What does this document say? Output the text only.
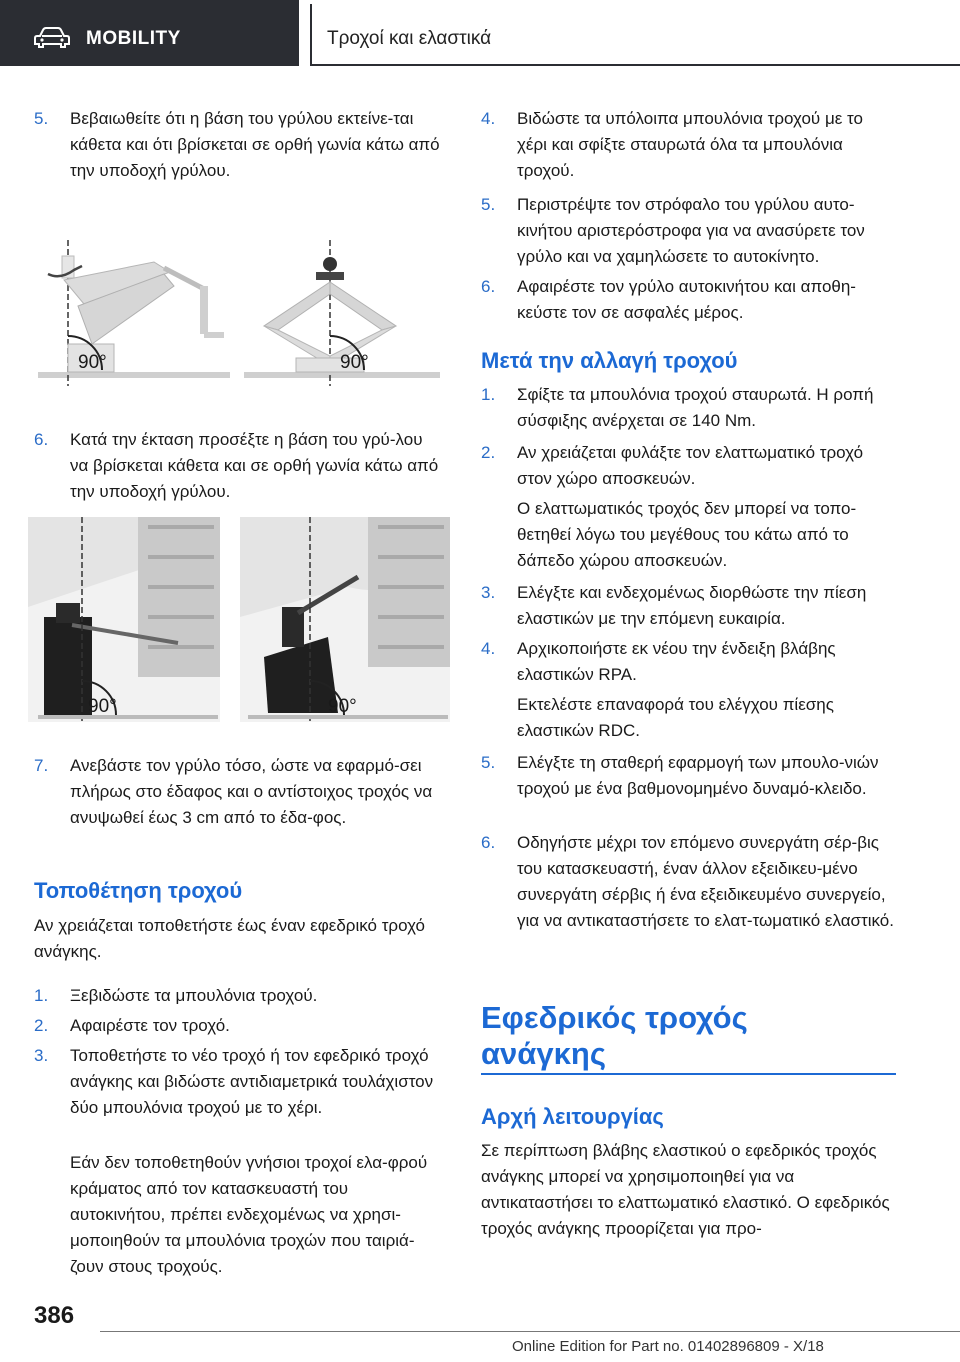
MOBILITY	Τροχοί και ελαστικά
5. Βεβαιωθείτε ότι η βάση του γρύλου εκτείνε-ται κάθετα και ότι βρίσκεται σε ορθή γωνία κάτω από την υποδοχή γρύλου.
90°	90°
6. Κατά την έκταση προσέξτε η βάση του γρύ-λου να βρίσκεται κάθετα και σε ορθή γωνία κάτω από την υποδοχή γρύλου.
90°	90°
7. Ανεβάστε τον γρύλο τόσο, ώστε να εφαρμό-σει πλήρως στο έδαφος και ο αντίστοιχος τροχός να ανυψωθεί έως 3 cm από το έδα-φος.
Τοποθέτηση τροχού
Αν χρειάζεται τοποθετήστε έως έναν εφεδρικό τροχό ανάγκης.
1. Ξεβιδώστε τα μπουλόνια τροχού.
2. Αφαιρέστε τον τροχό.
3. Τοποθετήστε το νέο τροχό ή τον εφεδρικό τροχό ανάγκης και βιδώστε αντιδιαμετρικά τουλάχιστον δύο μπουλόνια τροχού με το χέρι.
Εάν δεν τοποθετηθούν γνήσιοι τροχοί ελα-φρού κράματος από τον κατασκευαστή του αυτοκινήτου, πρέπει ενδεχομένως να χρησι-μοποιηθούν τα μπουλόνια τροχών που ταιριά-ζουν στους τροχούς.
4. Βιδώστε τα υπόλοιπα μπουλόνια τροχού με το χέρι και σφίξτε σταυρωτά όλα τα μπουλόνια τροχού.
5. Περιστρέψτε τον στρόφαλο του γρύλου αυτο-κινήτου αριστερόστροφα για να ανασύρετε τον γρύλο και να χαμηλώσετε το αυτοκίνητο.
6. Αφαιρέστε τον γρύλο αυτοκινήτου και αποθη-κεύστε τον σε ασφαλές μέρος.
Μετά την αλλαγή τροχού
1. Σφίξτε τα μπουλόνια τροχού σταυρωτά. Η ροπή σύσφιξης ανέρχεται σε 140 Nm.
2. Αν χρειάζεται φυλάξτε τον ελαττωματικό τροχό στον χώρο αποσκευών.
Ο ελαττωματικός τροχός δεν μπορεί να τοπο-θετηθεί λόγω του μεγέθους του κάτω από το δάπεδο χώρου αποσκευών.
3. Ελέγξτε και ενδεχομένως διορθώστε την πίεση ελαστικών με την επόμενη ευκαιρία.
4. Αρχικοποιήστε εκ νέου την ένδειξη βλάβης ελαστικών RPA.
Εκτελέστε επαναφορά του ελέγχου πίεσης ελαστικών RDC.
5. Ελέγξτε τη σταθερή εφαρμογή των μπουλο-νιών τροχού με ένα βαθμονομημένο δυναμό-κλειδο.
6. Οδηγήστε μέχρι τον επόμενο συνεργάτη σέρ-βις του κατασκευαστή, έναν άλλον εξειδικευ-μένο συνεργάτη σέρβις ή ένα εξειδικευμένο συνεργείο, για να αντικαταστήσετε το ελατ-τωματικό ελαστικό.
Εφεδρικός τροχός
ανάγκης
Αρχή λειτουργίας
Σε περίπτωση βλάβης ελαστικού ο εφεδρικός τροχός ανάγκης μπορεί να χρησιμοποιηθεί για να αντικαταστήσει το ελαττωματικό ελαστικό. Ο εφεδρικός τροχός ανάγκης προορίζεται για προ-
386
Online Edition for Part no. 01402896809 - X/18
